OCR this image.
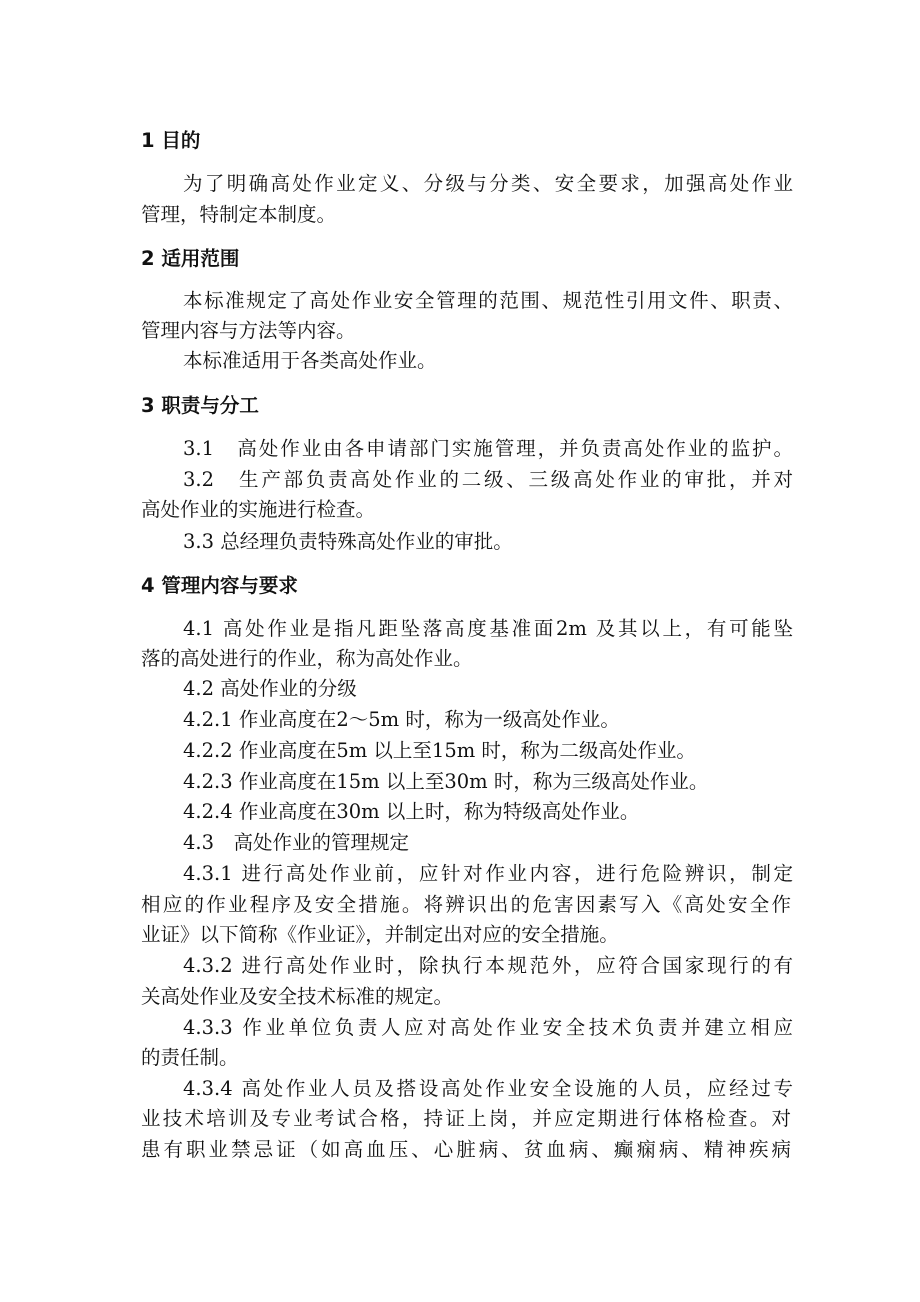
1 目的
为了明确高处作业定义、分级与分类、安全要求，加强高处作业
管理，特制定本制度。
2 适用范围
本标准规定了高处作业安全管理的范围、规范性引用文件、职责、
管理内容与方法等内容。
本标准适用于各类高处作业。
3 职责与分工
3.1　高处作业由各申请部门实施管理，并负责高处作业的监护。
3.2　生产部负责高处作业的二级、三级高处作业的审批，并对
高处作业的实施进行检查。
3.3 总经理负责特殊高处作业的审批。
4 管理内容与要求
4.1 高处作业是指凡距坠落高度基准面2m 及其以上，有可能坠
落的高处进行的作业，称为高处作业。
4.2 高处作业的分级
4.2.1 作业高度在2～5m 时，称为一级高处作业。
4.2.2 作业高度在5m 以上至15m 时，称为二级高处作业。
4.2.3 作业高度在15m 以上至30m 时，称为三级高处作业。
4.2.4 作业高度在30m 以上时，称为特级高处作业。
4.3　高处作业的管理规定
4.3.1 进行高处作业前，应针对作业内容，进行危险辨识，制定
相应的作业程序及安全措施。将辨识出的危害因素写入《高处安全作
业证》以下简称《作业证》，并制定出对应的安全措施。
4.3.2 进行高处作业时，除执行本规范外，应符合国家现行的有
关高处作业及安全技术标准的规定。
4.3.3 作业单位负责人应对高处作业安全技术负责并建立相应
的责任制。
4.3.4 高处作业人员及搭设高处作业安全设施的人员，应经过专
业技术培训及专业考试合格，持证上岗，并应定期进行体格检查。对
患有职业禁忌证（如高血压、心脏病、贫血病、癫痫病、精神疾病
